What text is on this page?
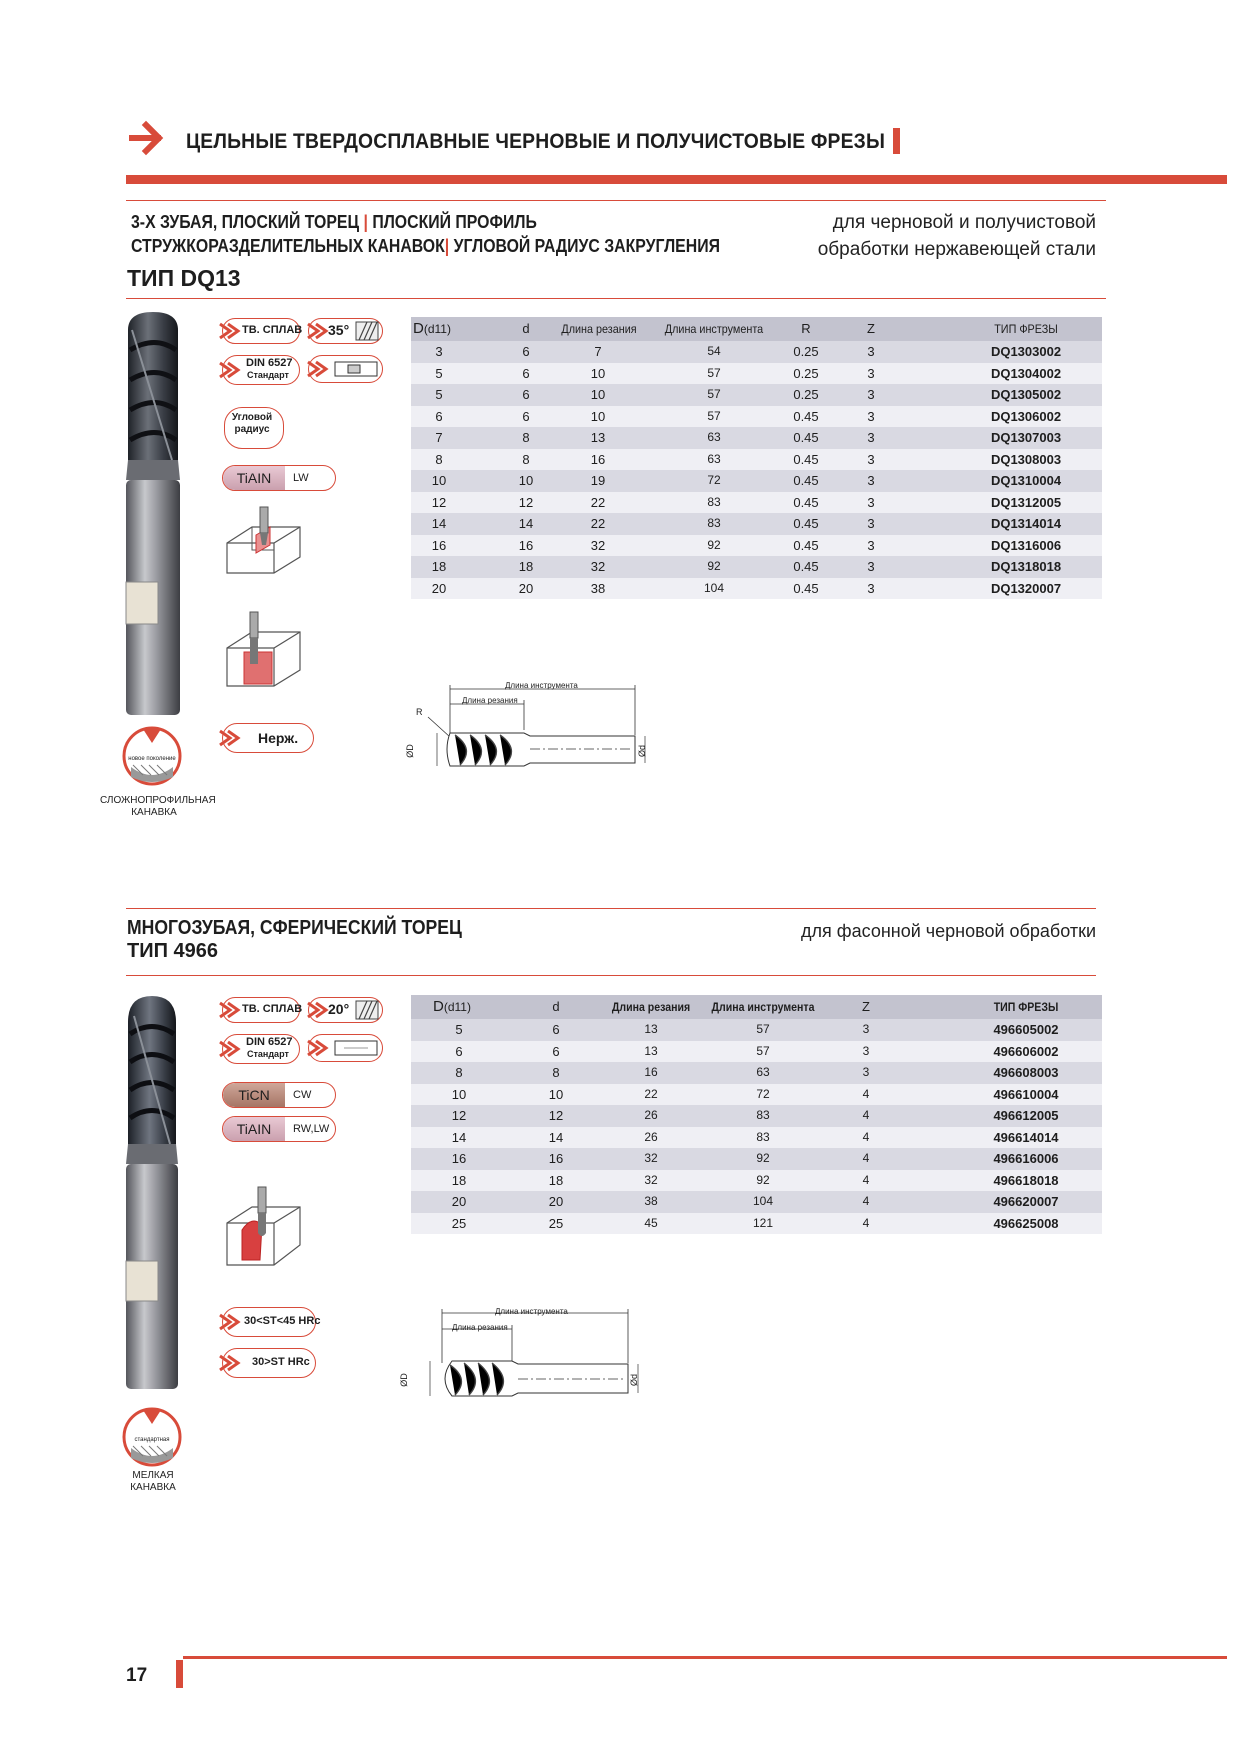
ЦЕЛЬНЫЕ ТВЕРДОСПЛАВНЫЕ ЧЕРНОВЫЕ И ПОЛУЧИСТОВЫЕ ФРЕЗЫ
3-Х ЗУБАЯ, ПЛОСКИЙ ТОРЕЦ | ПЛОСКИЙ ПРОФИЛЬ
СТРУЖКОРАЗДЕЛИТЕЛЬНЫХ КАНАВОК| УГЛОВОЙ РАДИУС ЗАКРУГЛЕНИЯ
ТИП DQ13
для черновой и получистовой
обработки нержавеющей стали
новое поколение
СЛОЖНОПРОФИЛЬНАЯ
КАНАВКА
ТВ. СПЛАВ 35°
DIN 6527
Стандарт
Угловой
радиус
TiAIN	LW
Нерж.
D(d11)	d	Длина резания	Длина инструмента	R	Z	ТИП ФРЕЗЫ
3	6	7	54	0.25	3	DQ1303002
5	6	10	57	0.25	3	DQ1304002
5	6	10	57	0.25	3	DQ1305002
6	6	10	57	0.45	3	DQ1306002
7	8	13	63	0.45	3	DQ1307003
8	8	16	63	0.45	3	DQ1308003
10	10	19	72	0.45	3	DQ1310004
12	12	22	83	0.45	3	DQ1312005
14	14	22	83	0.45	3	DQ1314014
16	16	32	92	0.45	3	DQ1316006
18	18	32	92	0.45	3	DQ1318018
20	20	38	104	0.45	3	DQ1320007
Длина инструмента
Длина резания
R
ØD	Ød
МНОГОЗУБАЯ, СФЕРИЧЕСКИЙ ТОРЕЦ
ТИП 4966
для фасонной черновой обработки
стандартная
МЕЛКАЯ
КАНАВКА
ТВ. СПЛАВ 20°
DIN 6527
Стандарт
TiCN	CW
TiAIN	RW,LW
30<ST<45 HRc
30>ST HRc
D(d11)	d	Длина резания	Длина инструмента	Z	ТИП ФРЕЗЫ
5	6	13	57	3	496605002
6	6	13	57	3	496606002
8	8	16	63	3	496608003
10	10	22	72	4	496610004
12	12	26	83	4	496612005
14	14	26	83	4	496614014
16	16	32	92	4	496616006
18	18	32	92	4	496618018
20	20	38	104	4	496620007
25	25	45	121	4	496625008
Длина инструмента
Длина резания
ØD	Ød
17
